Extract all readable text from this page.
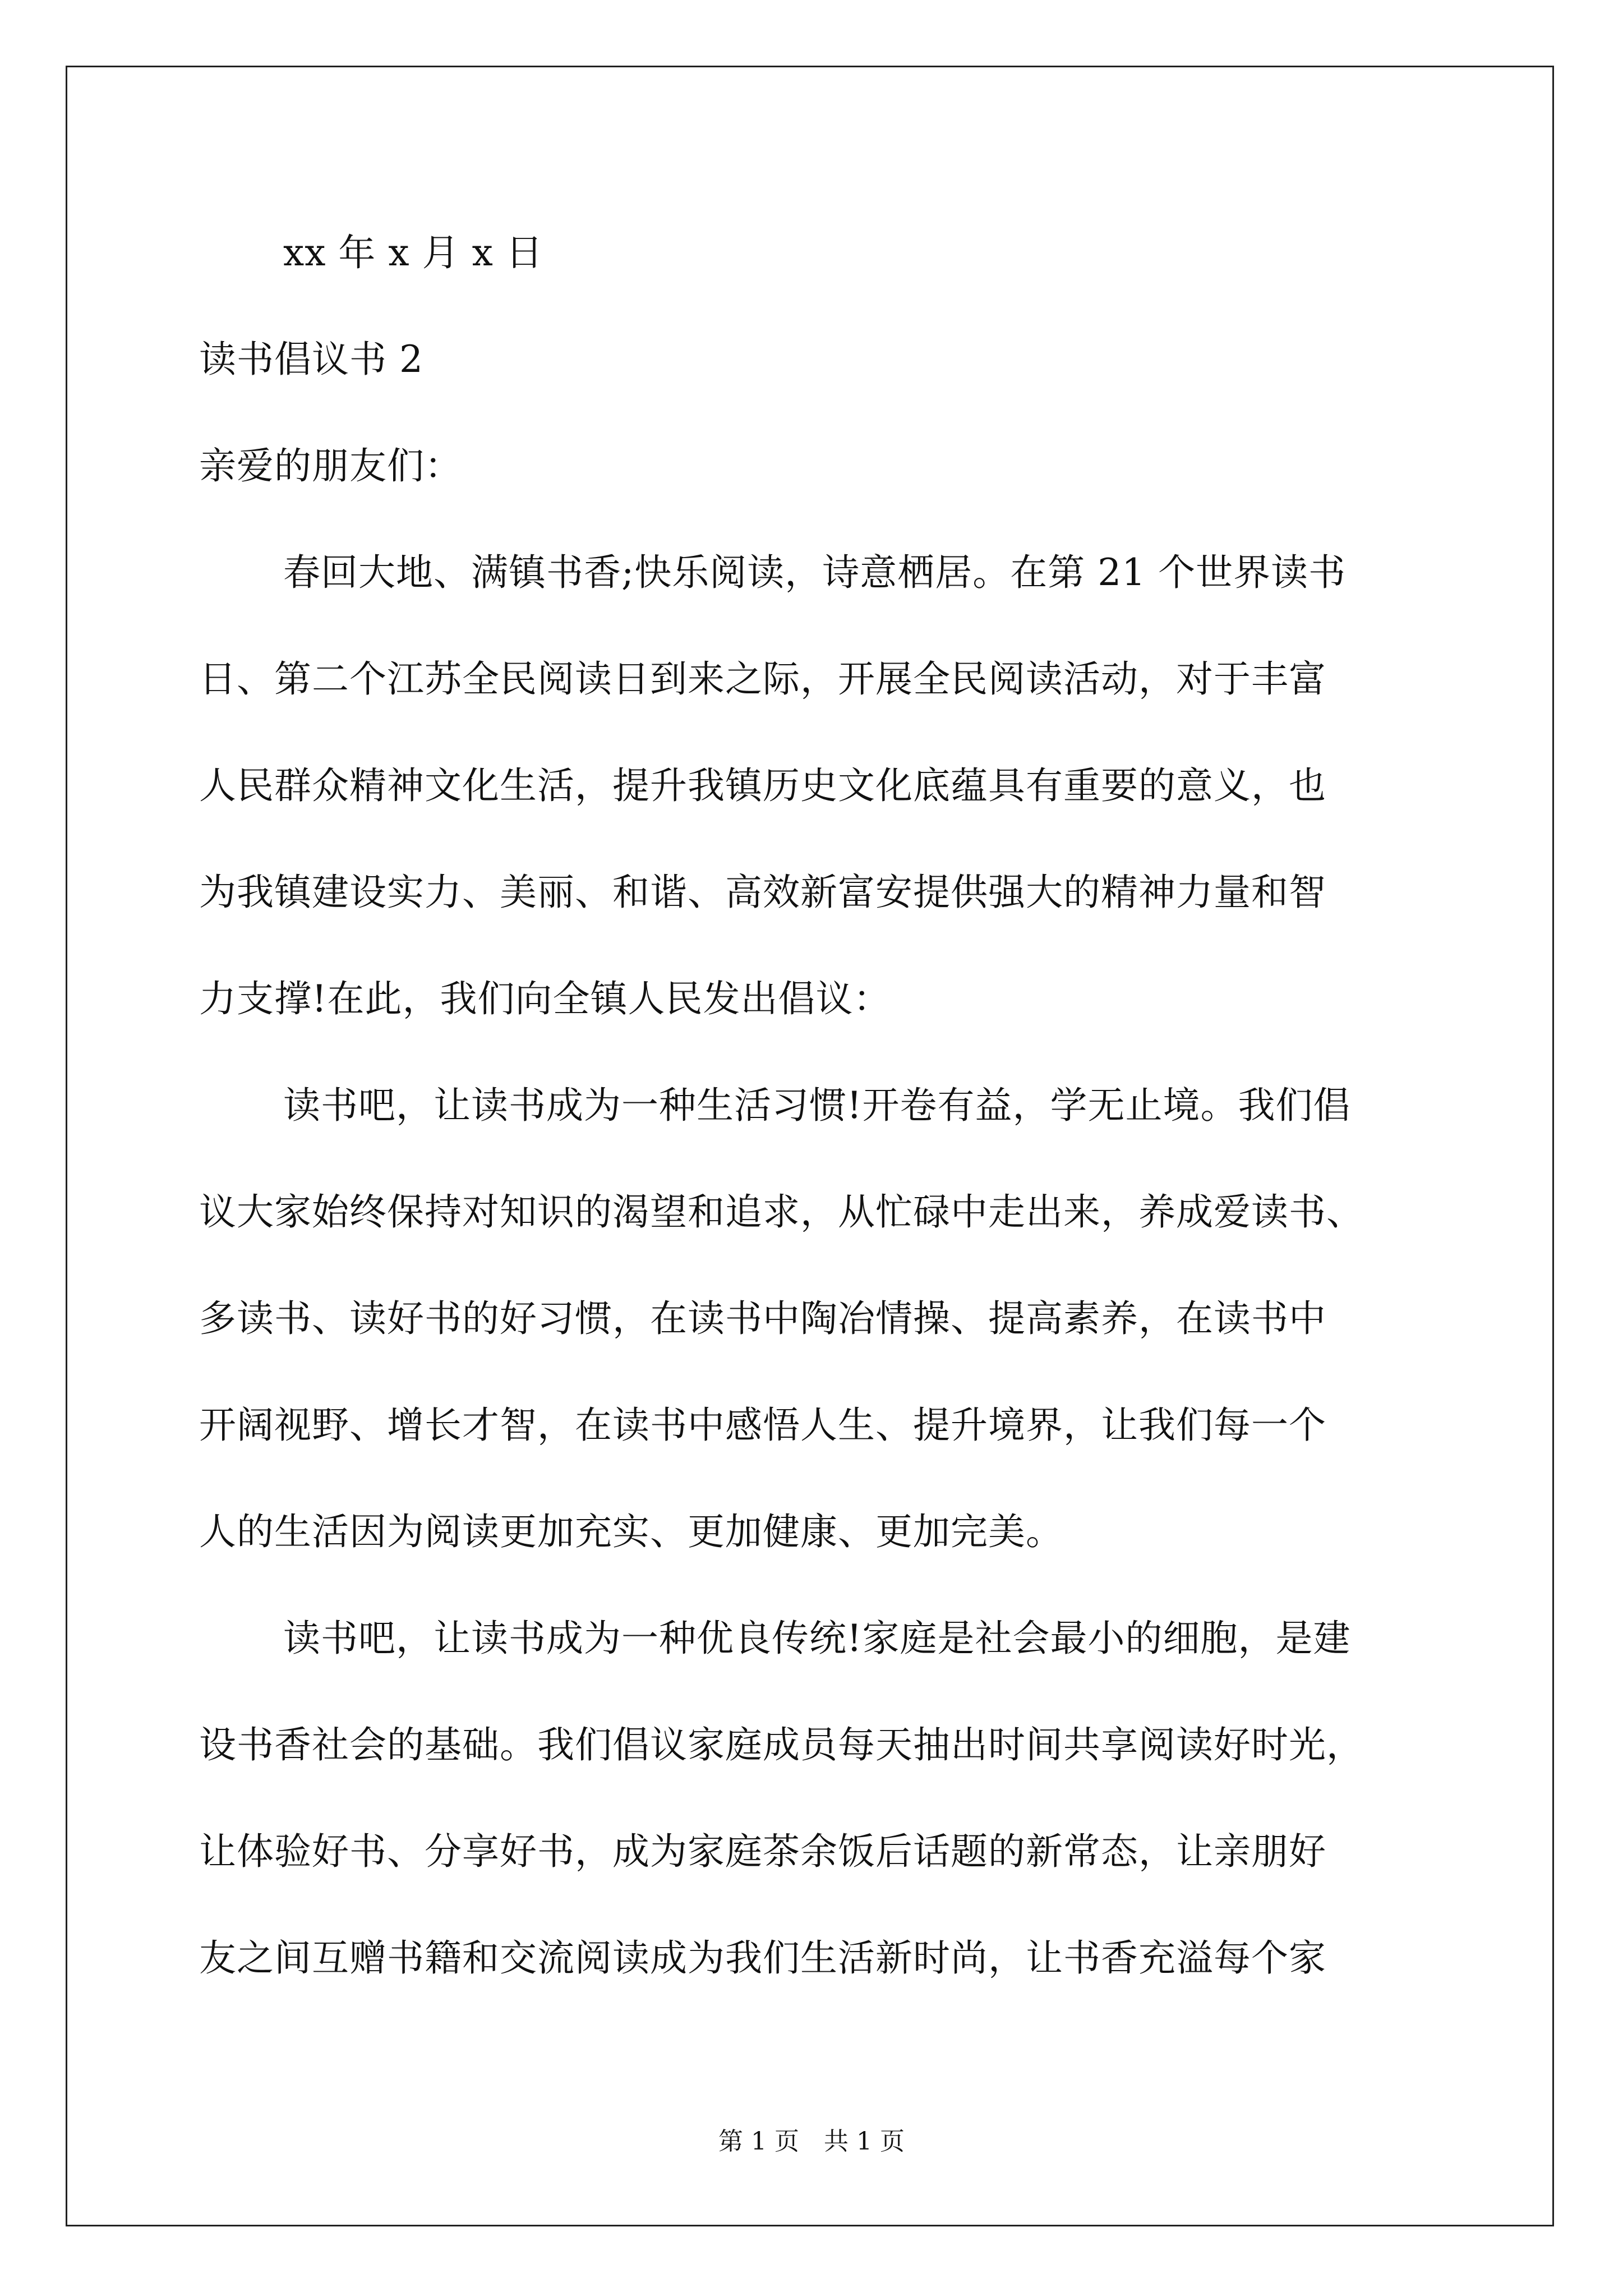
xx 年 x 月 x 日
读书倡议书 2
亲爱的朋友们：
春回大地、满镇书香;快乐阅读，诗意栖居。在第 21 个世界读书
日、第二个江苏全民阅读日到来之际，开展全民阅读活动，对于丰富
人民群众精神文化生活，提升我镇历史文化底蕴具有重要的意义，也
为我镇建设实力、美丽、和谐、高效新富安提供强大的精神力量和智
力支撑!在此，我们向全镇人民发出倡议：
读书吧，让读书成为一种生活习惯!开卷有益，学无止境。我们倡
议大家始终保持对知识的渴望和追求，从忙碌中走出来，养成爱读书、
多读书、读好书的好习惯，在读书中陶冶情操、提高素养，在读书中
开阔视野、增长才智，在读书中感悟人生、提升境界，让我们每一个
人的生活因为阅读更加充实、更加健康、更加完美。
读书吧，让读书成为一种优良传统!家庭是社会最小的细胞，是建
设书香社会的基础。我们倡议家庭成员每天抽出时间共享阅读好时光，
让体验好书、分享好书，成为家庭茶余饭后话题的新常态，让亲朋好
友之间互赠书籍和交流阅读成为我们生活新时尚，让书香充溢每个家
第 1 页　共 1 页
